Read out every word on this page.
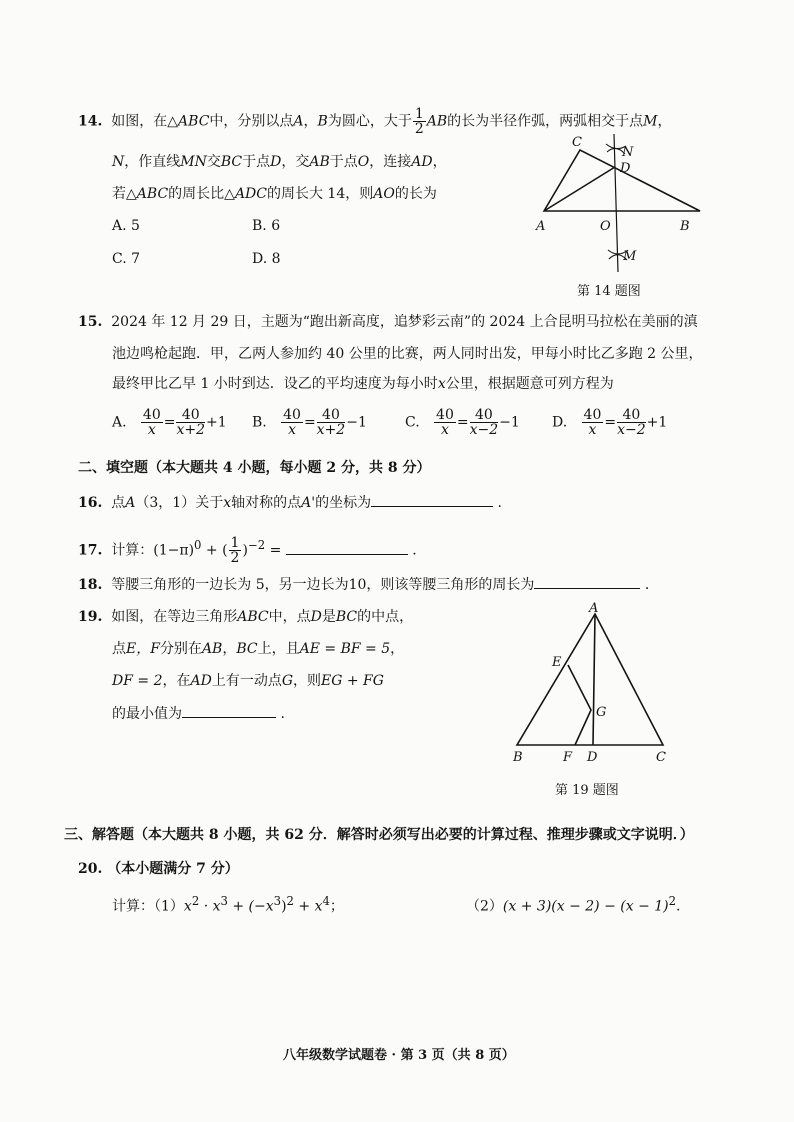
14. 如图，在△ABC中，分别以点A，B为圆心，大于 $\frac{1}{2}$ AB的长为半径作弧，两弧相交于点M，
N，作直线MN交BC于点D，交AB于点O，连接AD，
若△ABC的周长比△ADC的周长大 14，则AO的长为
A. 5	B. 6
C. 7	D. 8
C
N
D
A	O	B
M
第 14 题图
15. 2024 年 12 月 29 日，主题为“跑出新高度，追梦彩云南”的 2024 上合昆明马拉松在美丽的滇
池边鸣枪起跑．甲，乙两人参加约 40 公里的比赛，两人同时出发，甲每小时比乙多跑 2 公里，
最终甲比乙早 1 小时到达．设乙的平均速度为每小时x公里，根据题意可列方程为
A. $\frac{40}{x}= \frac{40}{x+2}+1$ B. $\frac{40}{x}= \frac{40}{x+2}-1$	C. $\frac{40}{x}= \frac{40}{x-2}-1$ D. $\frac{40}{x}= \frac{40}{x-2}+1$
二、填空题（本大题共 4 小题，每小题 2 分，共 8 分）
16. 点A（3，1）关于x轴对称的点A'的坐标为	.
17. 计算：$(1-\pi)^0$ + ( $\frac{1}{2} )^{-2}$ =	.
18. 等腰三角形的一边长为 5，另一边长为10，则该等腰三角形的周长为	.
19. 如图，在等边三角形ABC中，点D是BC的中点，
点E，F分别在AB，BC上，且AE = BF = 5，
DF = 2，在AD上有一动点G，则EG + FG
的最小值为	.
A
E
G
B	F D	C
第 19 题图
三、解答题（本大题共 8 小题，共 62 分．解答时必须写出必要的计算过程、推理步骤或文字说明．）
20. （本小题满分 7 分）
计算：$(1)x^2 \cdot x^3 + (-x^3)^2 + x^4$；	$(2)(x + 3)(x - 2) - (x - 1)^2$.
八年级数学试题卷 · 第 3 页（共 8 页）
